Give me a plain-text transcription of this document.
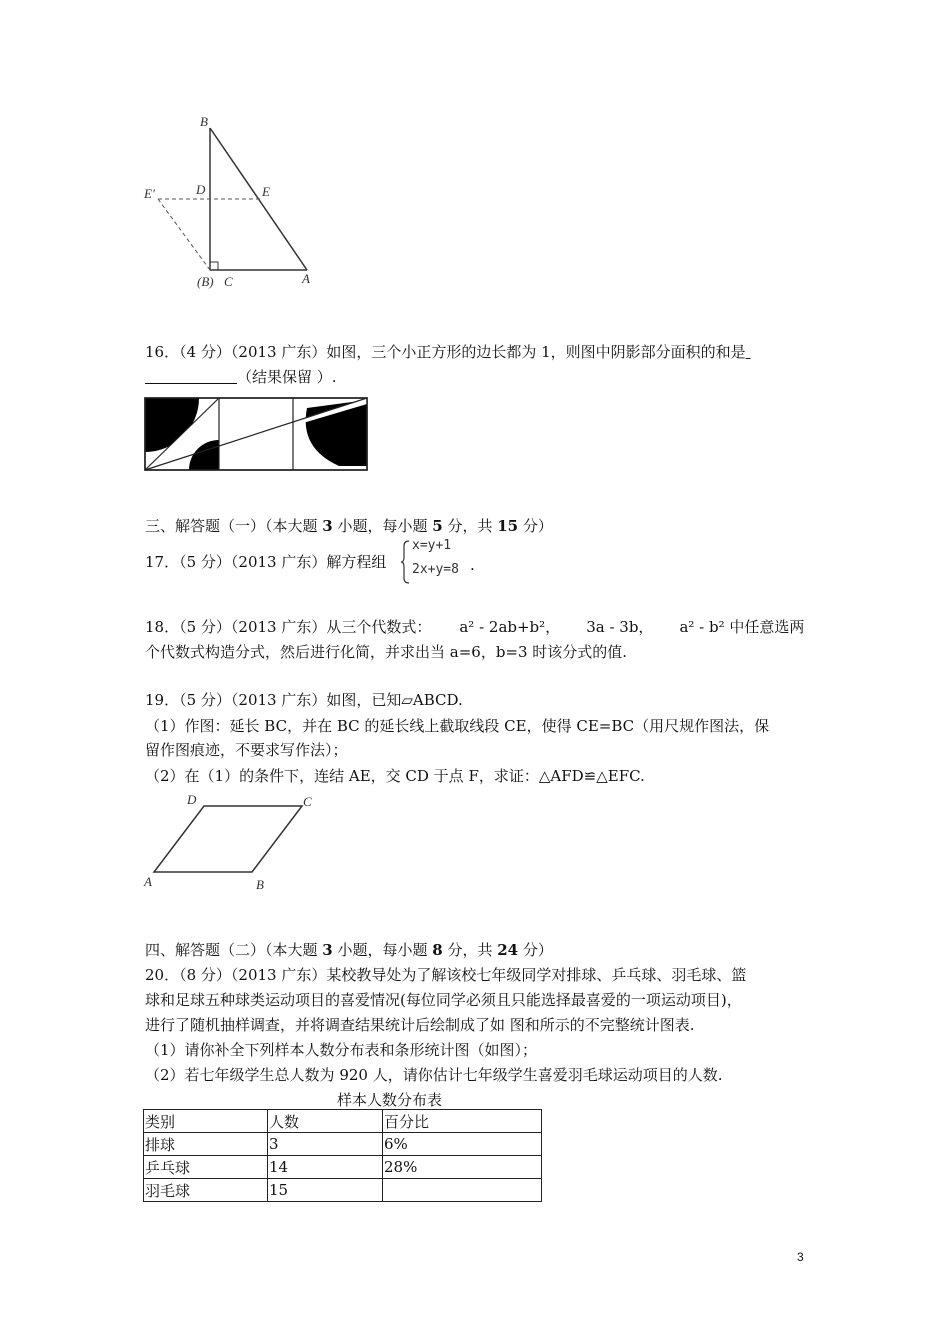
B
D	E
E'
(B) C	A
16．（4 分）（2013 广东）如图，三个小正方形的边长都为 1，则图中阴影部分面积的和是
（结果保留 ）.
三、解答题（一）（本大题 3 小题，每小题 5 分，共 15 分）
17．（5 分）（2013 广东）解方程组
x=y+1
2x+y=8 .
18．（5 分）（2013 广东）从三个代数式： a² - 2ab+b²， 3a - 3b， a² - b² 中任意选两
个代数式构造分式，然后进行化简，并求出当 a=6，b=3 时该分式的值.
19．（5 分）（2013 广东）如图，已知▱ABCD.
（1）作图：延长 BC，并在 BC 的延长线上截取线段 CE，使得 CE=BC（用尺规作图法，保
留作图痕迹，不要求写作法）；
（2）在（1）的条件下，连结 AE，交 CD 于点 F，求证：△AFD≌△EFC.
D	C
A	B
四、解答题（二）（本大题 3 小题，每小题 8 分，共 24 分）
20．（8 分）（2013 广东）某校教导处为了解该校七年级同学对排球、乒乓球、羽毛球、篮
球和足球五种球类运动项目的喜爱情况(每位同学必须且只能选择最喜爱的一项运动项目)，
进行了随机抽样调查，并将调查结果统计后绘制成了如 图和所示的不完整统计图表.
（1）请你补全下列样本人数分布表和条形统计图（如图）；
（2）若七年级学生总人数为 920 人，请你估计七年级学生喜爱羽毛球运动项目的人数.
样本人数分布表
类别	人数	百分比
排球	3	6%
乒乓球	14	28%
羽毛球	15	
3
